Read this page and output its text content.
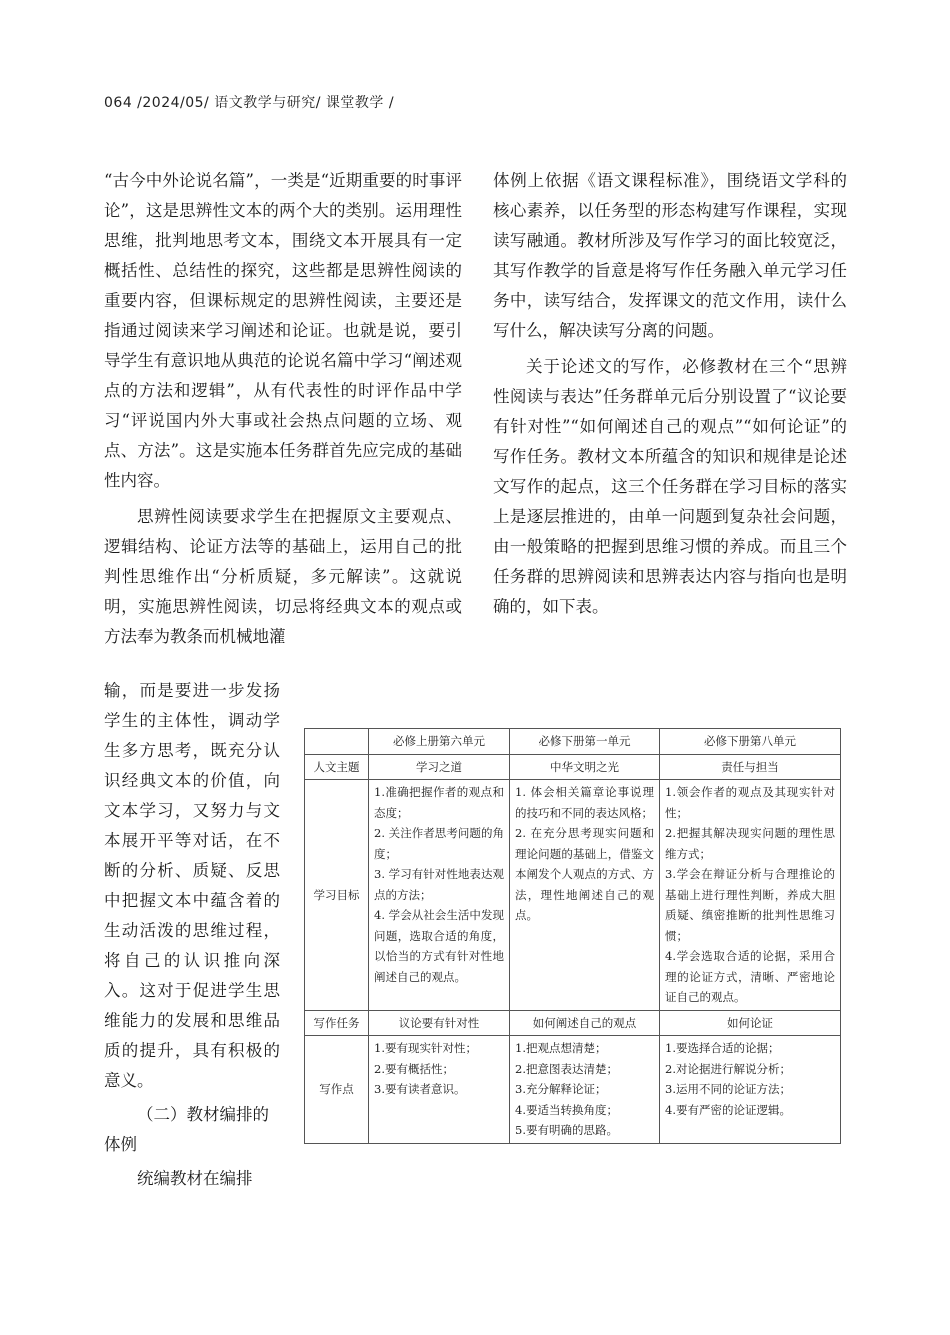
064 /2024/05/ 语文教学与研究/ 课堂教学 /

“古今中外论说名篇”，一类是“近期重要的时事评论”，这是思辨性文本的两个大的类别。运用理性思维，批判地思考文本，围绕文本开展具有一定概括性、总结性的探究，这些都是思辨性阅读的重要内容，但课标规定的思辨性阅读，主要还是指通过阅读来学习阐述和论证。也就是说，要引导学生有意识地从典范的论说名篇中学习“阐述观点的方法和逻辑”，从有代表性的时评作品中学习“评说国内外大事或社会热点问题的立场、观点、方法”。这是实施本任务群首先应完成的基础性内容。

思辨性阅读要求学生在把握原文主要观点、逻辑结构、论证方法等的基础上，运用自己的批判性思维作出“分析质疑，多元解读”。这就说明，实施思辨性阅读，切忌将经典文本的观点或方法奉为教条而机械地灌

输，而是要进一步发扬学生的主体性，调动学生多方思考，既充分认识经典文本的价值，向文本学习，又努力与文本展开平等对话，在不断的分析、质疑、反思中把握文本中蕴含着的生动活泼的思维过程，将自己的认识推向深入。这对于促进学生思维能力的发展和思维品质的提升，具有积极的意义。

（二）教材编排的

体例

统编教材在编排

体例上依据《语文课程标准》，围绕语文学科的核心素养，以任务型的形态构建写作课程，实现读写融通。教材所涉及写作学习的面比较宽泛，其写作教学的旨意是将写作任务融入单元学习任务中，读写结合，发挥课文的范文作用，读什么写什么，解决读写分离的问题。

关于论述文的写作，必修教材在三个“思辨性阅读与表达”任务群单元后分别设置了“议论要有针对性”“如何阐述自己的观点”“如何论证”的写作任务。教材文本所蕴含的知识和规律是论述文写作的起点，这三个任务群在学习目标的落实上是逐层推进的，由单一问题到复杂社会问题，由一般策略的把握到思维习惯的养成。而且三个任务群的思辨阅读和思辨表达内容与指向也是明确的，如下表。

	必修上册第六单元	必修下册第一单元	必修下册第八单元
人文主题	学习之道	中华文明之光	责任与担当
学习目标	1.准确把握作者的观点和态度；
2. 关注作者思考问题的角度；
3. 学习有针对性地表达观点的方法；
4. 学会从社会生活中发现问题，选取合适的角度，以恰当的方式有针对性地阐述自己的观点。	1. 体会相关篇章论事说理的技巧和不同的表达风格；
2. 在充分思考现实问题和理论问题的基础上，借鉴文本阐发个人观点的方式、方法，理性地阐述自己的观点。	1.领会作者的观点及其现实针对性；
2.把握其解决现实问题的理性思维方式；
3.学会在辩证分析与合理推论的基础上进行理性判断，养成大胆质疑、缜密推断的批判性思维习惯；
4.学会选取合适的论据，采用合理的论证方式，清晰、严密地论证自己的观点。

写作任务	议论要有针对性	如何阐述自己的观点	如何论证
写作点	1.要有现实针对性；
2.要有概括性；
3.要有读者意识。	1.把观点想清楚；
2.把意图表达清楚；
3.充分解释论证；
4.要适当转换角度；
5.要有明确的思路。	1.要选择合适的论据；
2.对论据进行解说分析；
3.运用不同的论证方法；
4.要有严密的论证逻辑。
